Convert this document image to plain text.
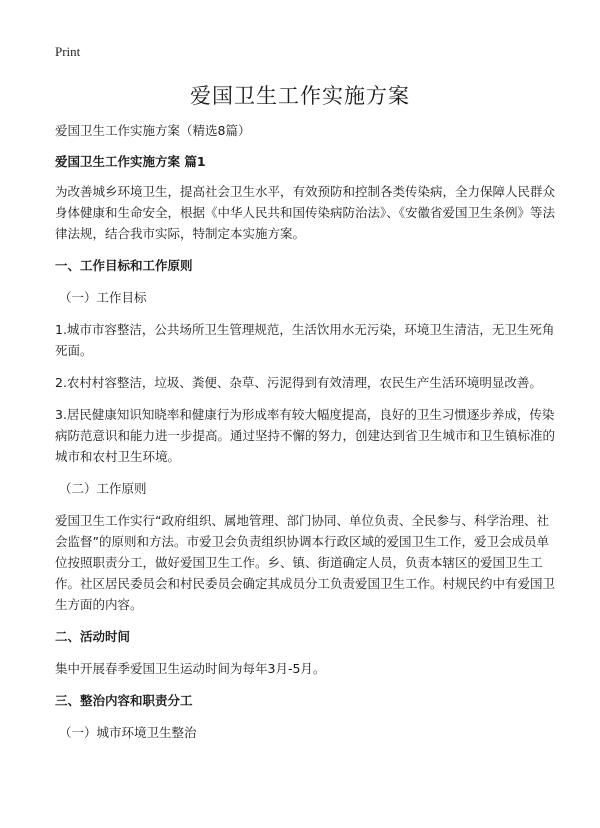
Print
爱国卫生工作实施方案

爱国卫生工作实施方案（精选8篇）

爱国卫生工作实施方案 篇1

为改善城乡环境卫生，提高社会卫生水平，有效预防和控制各类传染病，全力保障人民群众身体健康和生命安全，根据《中华人民共和国传染病防治法》、《安徽省爱国卫生条例》等法律法规，结合我市实际，特制定本实施方案。

一、工作目标和工作原则

（一）工作目标

1.城市市容整洁，公共场所卫生管理规范，生活饮用水无污染，环境卫生清洁，无卫生死角死面。

2.农村村容整洁，垃圾、粪便、杂草、污泥得到有效清理，农民生产生活环境明显改善。

3.居民健康知识知晓率和健康行为形成率有较大幅度提高，良好的卫生习惯逐步养成，传染病防范意识和能力进一步提高。通过坚持不懈的努力，创建达到省卫生城市和卫生镇标准的城市和农村卫生环境。

（二）工作原则

爱国卫生工作实行“政府组织、属地管理、部门协同、单位负责、全民参与、科学治理、社会监督”的原则和方法。市爱卫会负责组织协调本行政区域的爱国卫生工作，爱卫会成员单位按照职责分工，做好爱国卫生工作。乡、镇、街道确定人员，负责本辖区的爱国卫生工作。社区居民委员会和村民委员会确定其成员分工负责爱国卫生工作。村规民约中有爱国卫生方面的内容。

二、活动时间

集中开展春季爱国卫生运动时间为每年3月-5月。

三、整治内容和职责分工

（一）城市环境卫生整治
